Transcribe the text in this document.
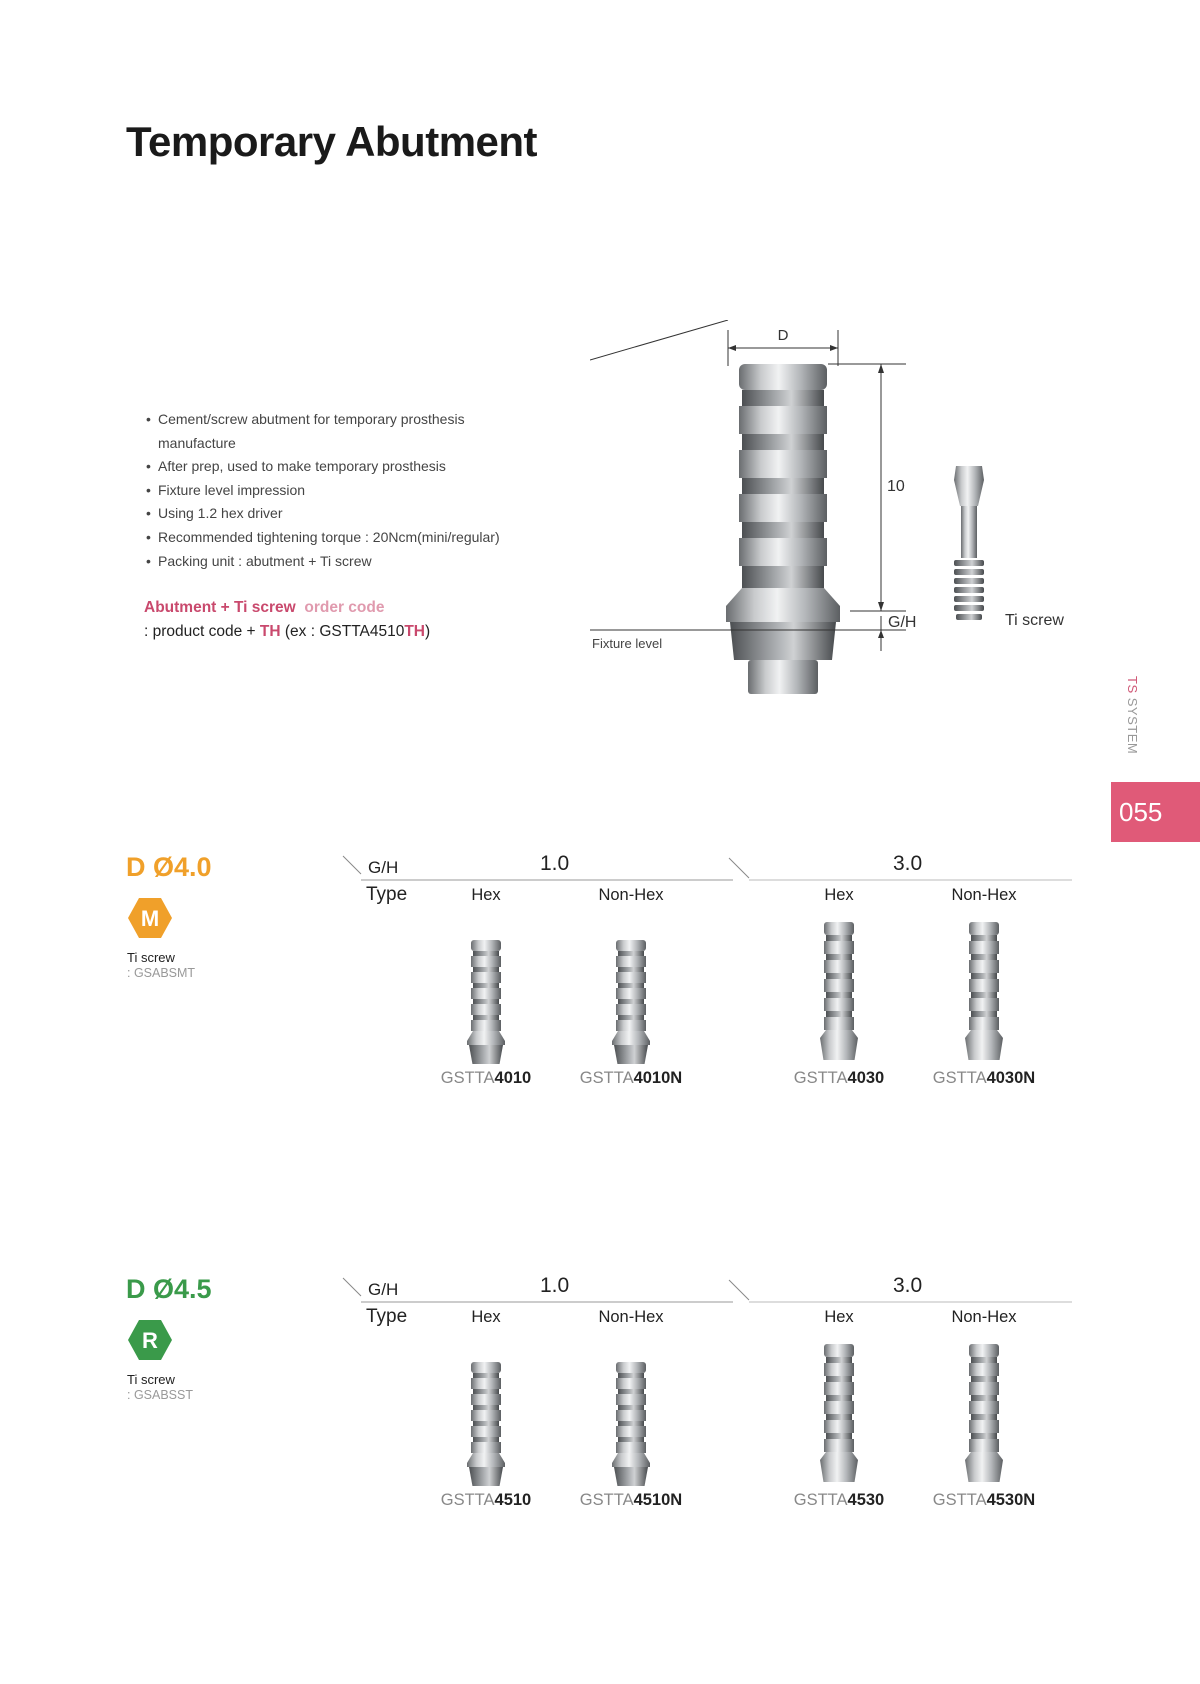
Temporary Abutment
• Cement/screw abutment for temporary prosthesis manufacture
• After prep, used to make temporary prosthesis
• Fixture level impression
• Using 1.2 hex driver
• Recommended tightening torque : 20Ncm(mini/regular)
• Packing unit : abutment + Ti screw
Abutment + Ti screw order code
: product code + TH (ex : GSTTA4510TH)
D
10
G/H
Fixture level
Ti screw
TS SYSTEM
055
D Ø4.0
M
Ti screw
: GSABSMT
G/H
Type
1.0	3.0
Hex	Non-Hex	Hex	Non-Hex
GSTTA4010	GSTTA4010N	GSTTA4030	GSTTA4030N
D Ø4.5
R
Ti screw
: GSABSST
G/H
Type
1.0	3.0
Hex	Non-Hex	Hex	Non-Hex
GSTTA4510	GSTTA4510N	GSTTA4530	GSTTA4530N
